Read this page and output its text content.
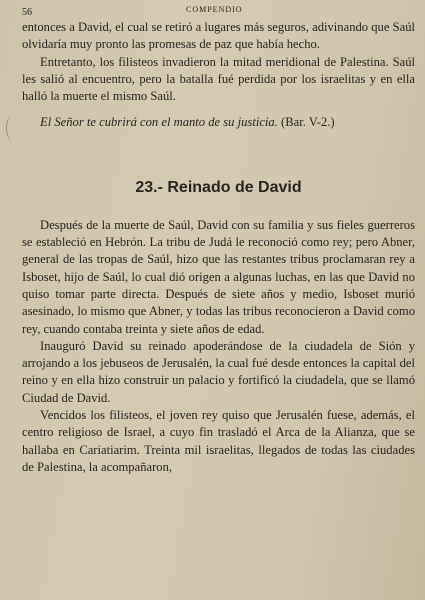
56	COMPENDIO

entonces a David, el cual se retiró a lugares más seguros, adivinando que Saúl olvidaría muy pronto las promesas de paz que había hecho.

Entretanto, los filisteos invadieron la mitad meridional de Palestina. Saúl les salió al encuentro, pero la batalla fué perdida por los israelitas y en ella halló la muerte el mismo Saúl.

El Señor te cubrirá con el manto de su justicia. (Bar. V-2.)

23.- Reinado de David

Después de la muerte de Saúl, David con su familia y sus fieles guerreros se estableció en Hebrón. La tribu de Judá le reconoció como rey; pero Abner, general de las tropas de Saúl, hizo que las restantes tribus proclamaran rey a Isboset, hijo de Saúl, lo cual dió origen a algunas luchas, en las que David no quiso tomar parte directa. Después de siete años y medio, Isboset murió asesinado, lo mismo que Abner, y todas las tribus reconocieron a David como rey, cuando contaba treinta y siete años de edad.

Inauguró David su reinado apoderándose de la ciudadela de Sión y arrojando a los jebuseos de Jerusalén, la cual fué desde entonces la capital del reino y en ella hizo construir un palacio y fortificó la ciudadela, que se llamó Ciudad de David.

Vencidos los filisteos, el joven rey quiso que Jerusalén fuese, además, el centro religioso de Israel, a cuyo fin trasladó el Arca de la Alianza, que se hallaba en Cariatiarim. Treinta mil israelitas, llegados de todas las ciudades de Palestina, la acompañaron,
